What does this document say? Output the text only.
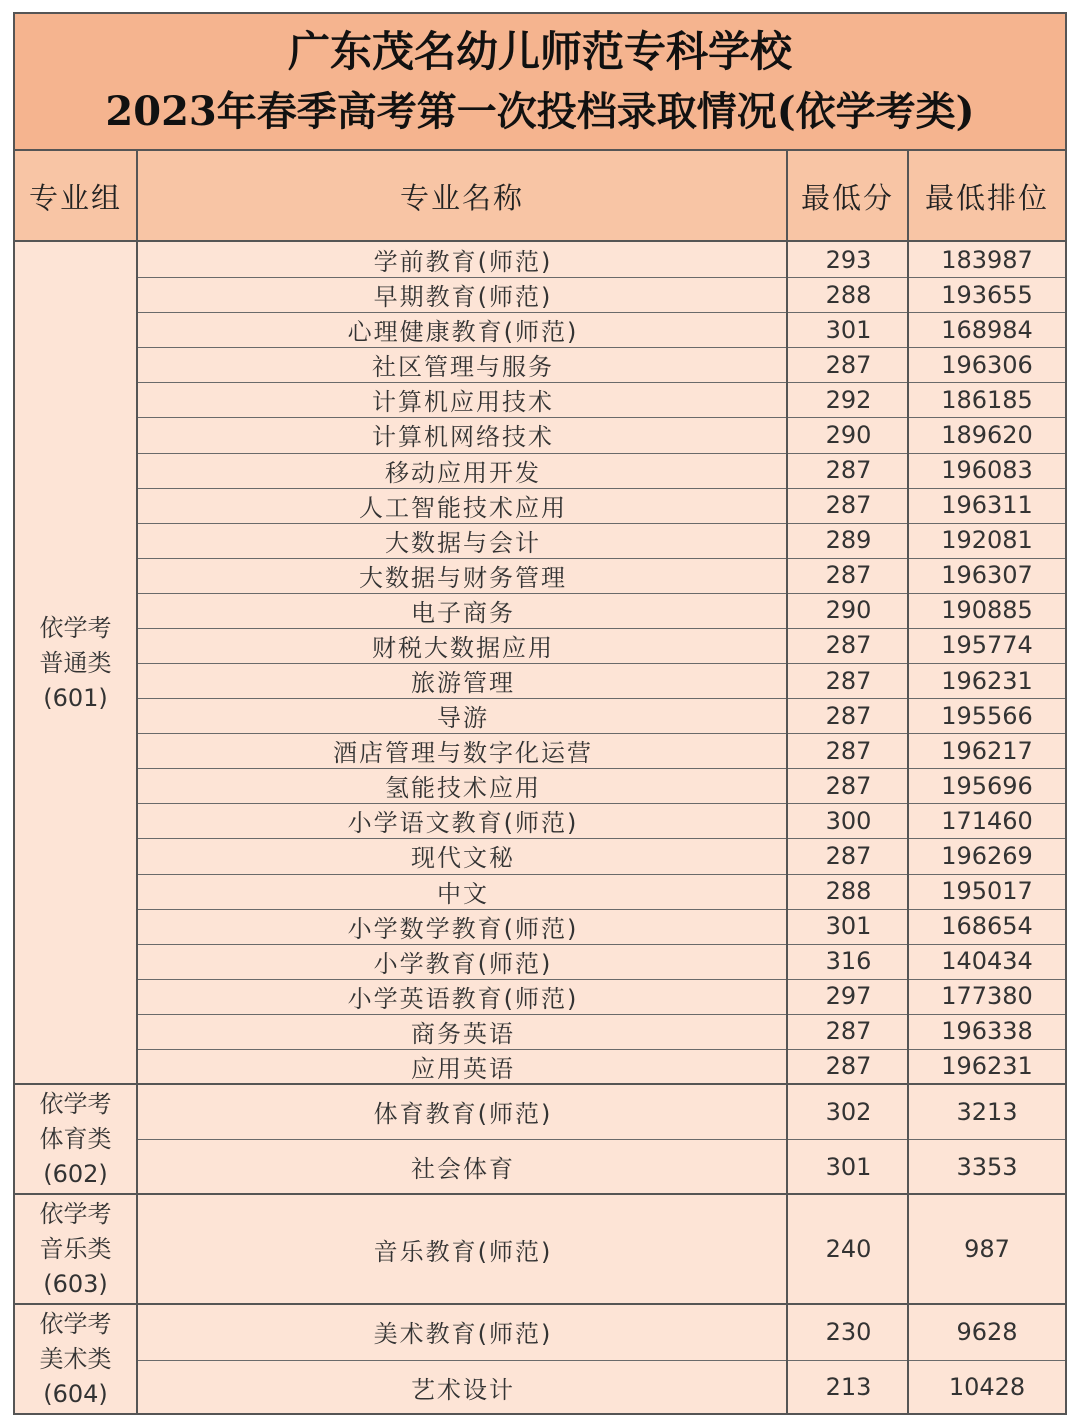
广东茂名幼儿师范专科学校
2023年春季高考第一次投档录取情况(依学考类)
专业组	专业名称	最低分	最低排位
依学考
普通类
(601)
学前教育(师范)	293	183987
早期教育(师范)	288	193655
心理健康教育(师范)	301	168984
社区管理与服务	287	196306
计算机应用技术	292	186185
计算机网络技术	290	189620
移动应用开发	287	196083
人工智能技术应用	287	196311
大数据与会计	289	192081
大数据与财务管理	287	196307
电子商务	290	190885
财税大数据应用	287	195774
旅游管理	287	196231
导游	287	195566
酒店管理与数字化运营	287	196217
氢能技术应用	287	195696
小学语文教育(师范)	300	171460
现代文秘	287	196269
中文	288	195017
小学数学教育(师范)	301	168654
小学教育(师范)	316	140434
小学英语教育(师范)	297	177380
商务英语	287	196338
应用英语	287	196231
依学考
体育类
(602)
体育教育(师范)	302	3213
社会体育	301	3353
依学考
音乐类
(603)
音乐教育(师范)	240	987
依学考
美术类
(604)
美术教育(师范)	230	9628
艺术设计	213	10428
